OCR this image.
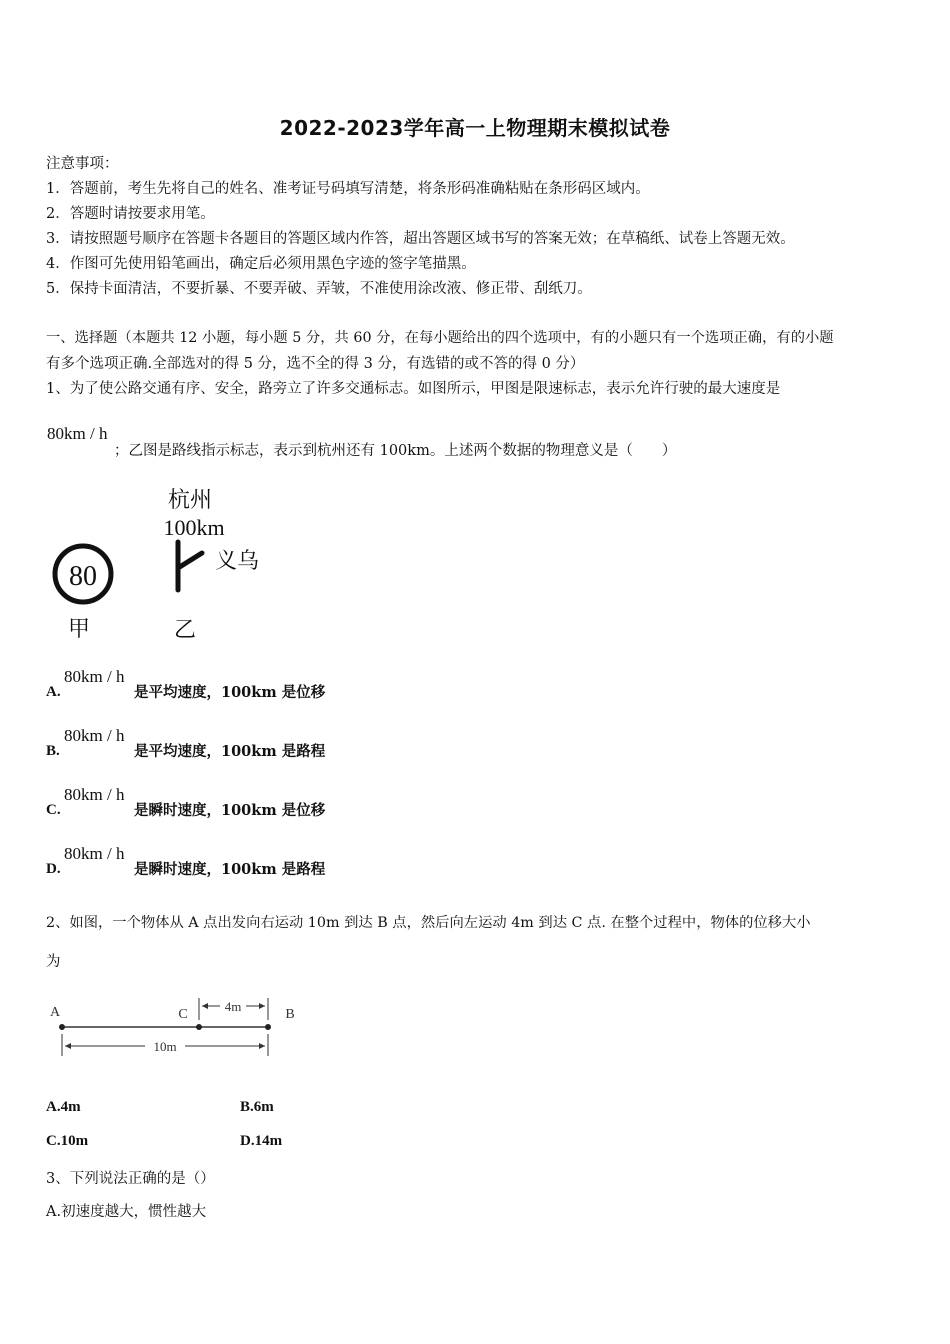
2022-2023学年高一上物理期末模拟试卷
注意事项：
1．答题前，考生先将自己的姓名、准考证号码填写清楚，将条形码准确粘贴在条形码区域内。
2．答题时请按要求用笔。
3．请按照题号顺序在答题卡各题目的答题区域内作答，超出答题区域书写的答案无效；在草稿纸、试卷上答题无效。
4．作图可先使用铅笔画出，确定后必须用黑色字迹的签字笔描黑。
5．保持卡面清洁，不要折暴、不要弄破、弄皱，不准使用涂改液、修正带、刮纸刀。
一、选择题（本题共 12 小题，每小题 5 分，共 60 分，在每小题给出的四个选项中，有的小题只有一个选项正确，有的小题
有多个选项正确.全部选对的得 5 分，选不全的得 3 分，有选错的或不答的得 0 分）
1、为了使公路交通有序、安全，路旁立了许多交通标志。如图所示，甲图是限速标志，表示允许行驶的最大速度是
80km / h
；乙图是路线指示标志，表示到杭州还有 100km。上述两个数据的物理意义是（　　）
80
甲
杭州
100km
义乌
乙
A.
80km / h
是平均速度，100km 是位移
B.
80km / h
是平均速度，100km 是路程
C.
80km / h
是瞬时速度，100km 是位移
D.
80km / h
是瞬时速度，100km 是路程
2、如图，一个物体从 A 点出发向右运动 10m 到达 B 点，然后向左运动 4m 到达 C 点. 在整个过程中，物体的位移大小
为
A	C	B
4m
10m
A.4m	B.6m
C.10m	D.14m
3、下列说法正确的是（）
A.初速度越大，惯性越大
